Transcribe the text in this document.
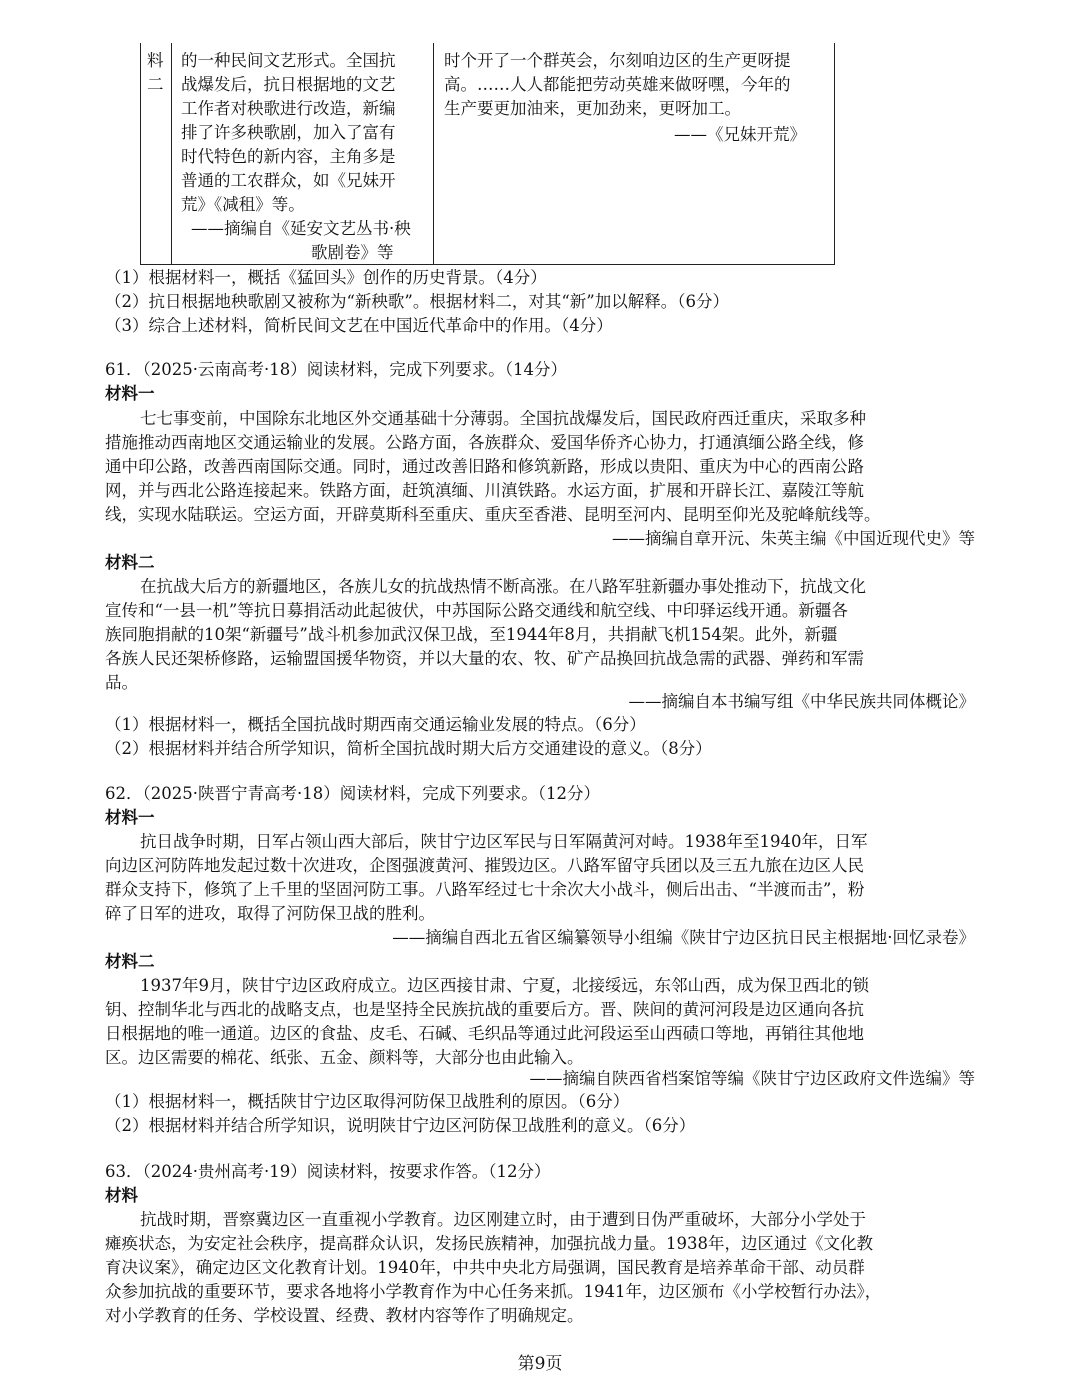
料
二
的一种民间文艺形式。全国抗
战爆发后，抗日根据地的文艺
工作者对秧歌进行改造，新编
排了许多秧歌剧，加入了富有
时代特色的新内容，主角多是
普通的工农群众，如《兄妹开
荒》《减租》等。
——摘编自《延安文艺丛书·秧
歌剧卷》等
时个开了一个群英会，尔刻咱边区的生产更呀提
高。……人人都能把劳动英雄来做呀嘿，今年的
生产要更加油来，更加劲来，更呀加工。
——《兄妹开荒》
（1）根据材料一，概括《猛回头》创作的历史背景。（4分）
（2）抗日根据地秧歌剧又被称为“新秧歌”。根据材料二，对其“新”加以解释。（6分）
（3）综合上述材料，简析民间文艺在中国近代革命中的作用。（4分）
61．（2025·云南高考·18）阅读材料，完成下列要求。（14分）
材料一
七七事变前，中国除东北地区外交通基础十分薄弱。全国抗战爆发后，国民政府西迁重庆，采取多种
措施推动西南地区交通运输业的发展。公路方面，各族群众、爱国华侨齐心协力，打通滇缅公路全线，修
通中印公路，改善西南国际交通。同时，通过改善旧路和修筑新路，形成以贵阳、重庆为中心的西南公路
网，并与西北公路连接起来。铁路方面，赶筑滇缅、川滇铁路。水运方面，扩展和开辟长江、嘉陵江等航
线，实现水陆联运。空运方面，开辟莫斯科至重庆、重庆至香港、昆明至河内、昆明至仰光及驼峰航线等。
——摘编自章开沅、朱英主编《中国近现代史》等
材料二
在抗战大后方的新疆地区，各族儿女的抗战热情不断高涨。在八路军驻新疆办事处推动下，抗战文化
宣传和“一县一机”等抗日募捐活动此起彼伏，中苏国际公路交通线和航空线、中印驿运线开通。新疆各
族同胞捐献的10架“新疆号”战斗机参加武汉保卫战，至1944年8月，共捐献飞机154架。此外，新疆
各族人民还架桥修路，运输盟国援华物资，并以大量的农、牧、矿产品换回抗战急需的武器、弹药和军需
品。
——摘编自本书编写组《中华民族共同体概论》
（1）根据材料一，概括全国抗战时期西南交通运输业发展的特点。（6分）
（2）根据材料并结合所学知识，简析全国抗战时期大后方交通建设的意义。（8分）
62．（2025·陕晋宁青高考·18）阅读材料，完成下列要求。（12分）
材料一
抗日战争时期，日军占领山西大部后，陕甘宁边区军民与日军隔黄河对峙。1938年至1940年，日军
向边区河防阵地发起过数十次进攻，企图强渡黄河、摧毁边区。八路军留守兵团以及三五九旅在边区人民
群众支持下，修筑了上千里的坚固河防工事。八路军经过七十余次大小战斗，侧后出击、“半渡而击”，粉
碎了日军的进攻，取得了河防保卫战的胜利。
——摘编自西北五省区编纂领导小组编《陕甘宁边区抗日民主根据地·回忆录卷》
材料二
1937年9月，陕甘宁边区政府成立。边区西接甘肃、宁夏，北接绥远，东邻山西，成为保卫西北的锁
钥、控制华北与西北的战略支点，也是坚持全民族抗战的重要后方。晋、陕间的黄河河段是边区通向各抗
日根据地的唯一通道。边区的食盐、皮毛、石碱、毛织品等通过此河段运至山西碛口等地，再销往其他地
区。边区需要的棉花、纸张、五金、颜料等，大部分也由此输入。
——摘编自陕西省档案馆等编《陕甘宁边区政府文件选编》等
（1）根据材料一，概括陕甘宁边区取得河防保卫战胜利的原因。（6分）
（2）根据材料并结合所学知识，说明陕甘宁边区河防保卫战胜利的意义。（6分）
63．（2024·贵州高考·19）阅读材料，按要求作答。（12分）
材料
抗战时期，晋察冀边区一直重视小学教育。边区刚建立时，由于遭到日伪严重破坏，大部分小学处于
瘫痪状态，为安定社会秩序，提高群众认识，发扬民族精神，加强抗战力量。1938年，边区通过《文化教
育决议案》，确定边区文化教育计划。1940年，中共中央北方局强调，国民教育是培养革命干部、动员群
众参加抗战的重要环节，要求各地将小学教育作为中心任务来抓。1941年，边区颁布《小学校暂行办法》，
对小学教育的任务、学校设置、经费、教材内容等作了明确规定。
第9页
